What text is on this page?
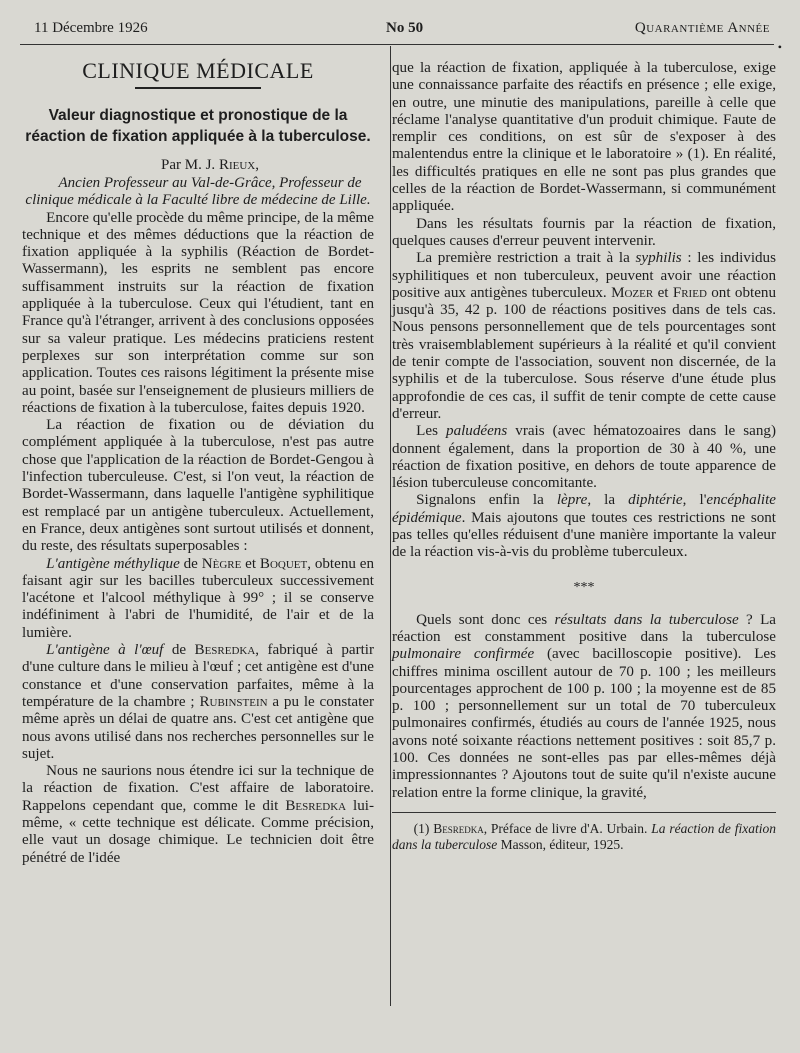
11 Décembre 1926	No 50	Quarantième Année
•
CLINIQUE MÉDICALE
Valeur diagnostique et pronostique de la réaction de fixation appliquée à la tuberculose.

Par M. J. Rieux,

Ancien Professeur au Val-de-Grâce, Professeur de clinique médicale à la Faculté libre de médecine de Lille.

Encore qu'elle procède du même principe, de la même technique et des mêmes déductions que la réaction de fixation appliquée à la syphilis (Réaction de Bordet-Wassermann), les esprits ne semblent pas encore suffisamment instruits sur la réaction de fixation appliquée à la tuberculose. Ceux qui l'étudient, tant en France qu'à l'étranger, arrivent à des conclusions opposées sur sa valeur pratique. Les médecins praticiens restent perplexes sur son interprétation comme sur son application. Toutes ces raisons légitiment la présente mise au point, basée sur l'enseignement de plusieurs milliers de réactions de fixation à la tuberculose, faites depuis 1920.

La réaction de fixation ou de déviation du complément appliquée à la tuberculose, n'est pas autre chose que l'application de la réaction de Bordet-Gengou à l'infection tuberculeuse. C'est, si l'on veut, la réaction de Bordet-Wassermann, dans laquelle l'antigène syphilitique est remplacé par un antigène tuberculeux. Actuellement, en France, deux antigènes sont surtout utilisés et donnent, du reste, des résultats superposables :

L'antigène méthylique de Nègre et Boquet, obtenu en faisant agir sur les bacilles tuberculeux successivement l'acétone et l'alcool méthylique à 99° ; il se conserve indéfiniment à l'abri de l'humidité, de l'air et de la lumière.

L'antigène à l'œuf de Besredka, fabriqué à partir d'une culture dans le milieu à l'œuf ; cet antigène est d'une constance et d'une conservation parfaites, même à la température de la chambre ; Rubinstein a pu le constater même après un délai de quatre ans. C'est cet antigène que nous avons utilisé dans nos recherches personnelles sur le sujet.

Nous ne saurions nous étendre ici sur la technique de la réaction de fixation. C'est affaire de laboratoire. Rappelons cependant que, comme le dit Besredka lui-même, « cette technique est délicate. Comme précision, elle vaut un dosage chimique. Le technicien doit être pénétré de l'idée

que la réaction de fixation, appliquée à la tuberculose, exige une connaissance parfaite des réactifs en présence ; elle exige, en outre, une minutie des manipulations, pareille à celle que réclame l'analyse quantitative d'un produit chimique. Faute de remplir ces conditions, on est sûr de s'exposer à des malentendus entre la clinique et le laboratoire » (1). En réalité, les difficultés pratiques en elle ne sont pas plus grandes que celles de la réaction de Bordet-Wassermann, si communément appliquée.

Dans les résultats fournis par la réaction de fixation, quelques causes d'erreur peuvent intervenir.

La première restriction a trait à la syphilis : les individus syphilitiques et non tuberculeux, peuvent avoir une réaction positive aux antigènes tuberculeux. Mozer et Fried ont obtenu jusqu'à 35, 42 p. 100 de réactions positives dans de tels cas. Nous pensons personnellement que de tels pourcentages sont très vraisemblablement supérieurs à la réalité et qu'il convient de tenir compte de l'association, souvent non discernée, de la syphilis et de la tuberculose. Sous réserve d'une étude plus approfondie de ces cas, il suffit de tenir compte de cette cause d'erreur.

Les paludéens vrais (avec hématozoaires dans le sang) donnent également, dans la proportion de 30 à 40 %, une réaction de fixation positive, en dehors de toute apparence de lésion tuberculeuse concomitante.

Signalons enfin la lèpre, la diphtérie, l'encéphalite épidémique. Mais ajoutons que toutes ces restrictions ne sont pas telles qu'elles réduisent d'une manière importante la valeur de la réaction vis-à-vis du problème tuberculeux.

***

Quels sont donc ces résultats dans la tuberculose ? La réaction est constamment positive dans la tuberculose pulmonaire confirmée (avec bacilloscopie positive). Les chiffres minima oscillent autour de 70 p. 100 ; les meilleurs pourcentages approchent de 100 p. 100 ; la moyenne est de 85 p. 100 ; personnellement sur un total de 70 tuberculeux pulmonaires confirmés, étudiés au cours de l'année 1925, nous avons noté soixante réactions nettement positives : soit 85,7 p. 100. Ces données ne sont-elles pas par elles-mêmes déjà impressionnantes ? Ajoutons tout de suite qu'il n'existe aucune relation entre la forme clinique, la gravité,

(1) Besredka, Préface de livre d'A. Urbain. La réaction de fixation dans la tuberculose Masson, éditeur, 1925.
